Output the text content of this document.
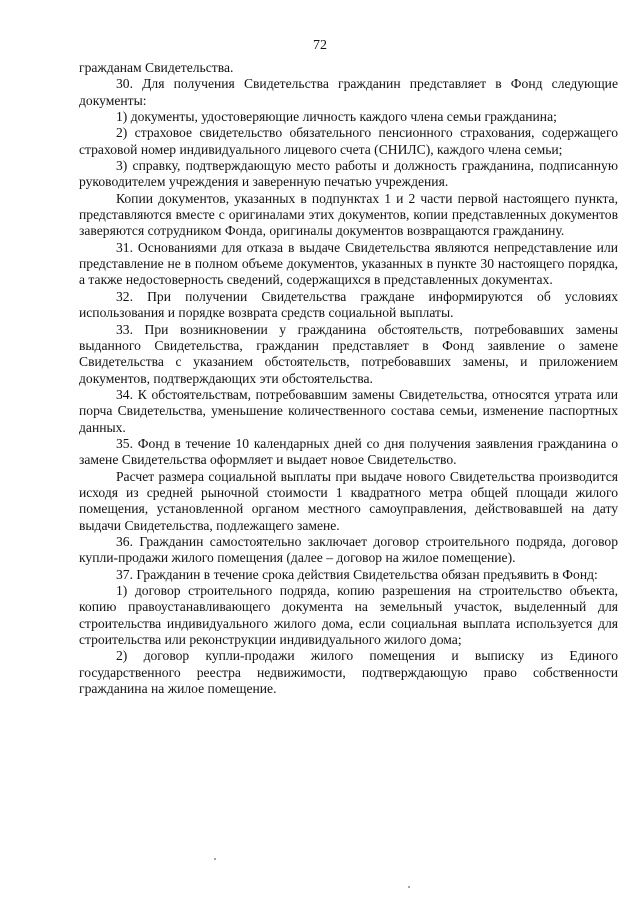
72

гражданам Свидетельства.

30. Для получения Свидетельства гражданин представляет в Фонд следующие документы:

1) документы, удостоверяющие личность каждого члена семьи гражданина;

2) страховое свидетельство обязательного пенсионного страхования, содержащего страховой номер индивидуального лицевого счета (СНИЛС), каждого члена семьи;

3) справку, подтверждающую место работы и должность гражданина, подписанную руководителем учреждения и заверенную печатью учреждения.

Копии документов, указанных в подпунктах 1 и 2 части первой настоящего пункта, представляются вместе с оригиналами этих документов, копии представленных документов заверяются сотрудником Фонда, оригиналы документов возвращаются гражданину.

31. Основаниями для отказа в выдаче Свидетельства являются непредставление или представление не в полном объеме документов, указанных в пункте 30 настоящего порядка, а также недостоверность сведений, содержащихся в представленных документах.

32. При получении Свидетельства граждане информируются об условиях использования и порядке возврата средств социальной выплаты.

33. При возникновении у гражданина обстоятельств, потребовавших замены выданного Свидетельства, гражданин представляет в Фонд заявление о замене Свидетельства с указанием обстоятельств, потребовавших замены, и приложением документов, подтверждающих эти обстоятельства.

34. К обстоятельствам, потребовавшим замены Свидетельства, относятся утрата или порча Свидетельства, уменьшение количественного состава семьи, изменение паспортных данных.

35. Фонд в течение 10 календарных дней со дня получения заявления гражданина о замене Свидетельства оформляет и выдает новое Свидетельство.

Расчет размера социальной выплаты при выдаче нового Свидетельства производится исходя из средней рыночной стоимости 1 квадратного метра общей площади жилого помещения, установленной органом местного самоуправления, действовавшей на дату выдачи Свидетельства, подлежащего замене.

36. Гражданин самостоятельно заключает договор строительного подряда, договор купли-продажи жилого помещения (далее – договор на жилое помещение).

37. Гражданин в течение срока действия Свидетельства обязан предъявить в Фонд:

1) договор строительного подряда, копию разрешения на строительство объекта, копию правоустанавливающего документа на земельный участок, выделенный для строительства индивидуального жилого дома, если социальная выплата используется для строительства или реконструкции индивидуального жилого дома;

2) договор купли-продажи жилого помещения и выписку из Единого государственного реестра недвижимости, подтверждающую право собственности гражданина на жилое помещение.
